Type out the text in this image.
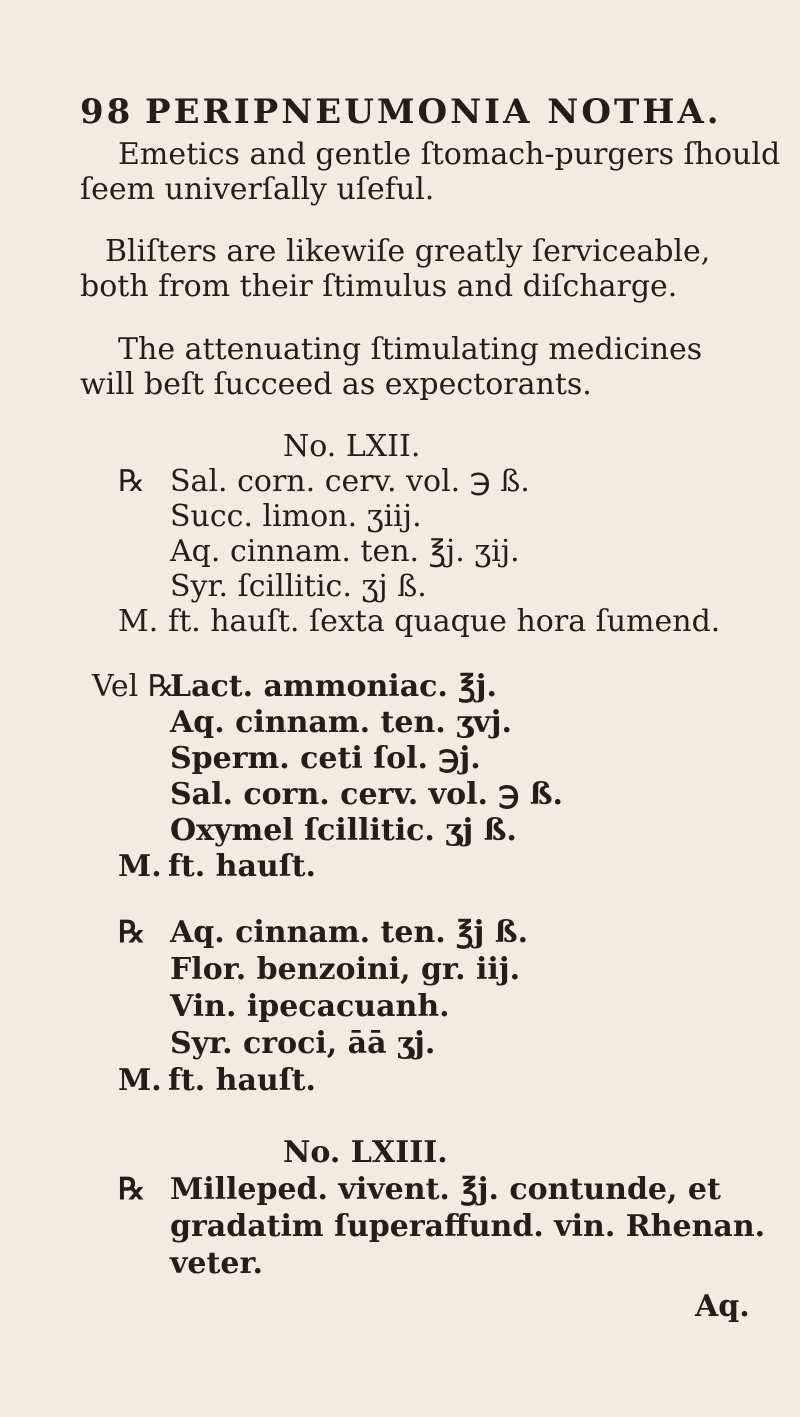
98 PERIPNEUMONIA NOTHA.
Emetics and gentle ſtomach-purgers ſhould
ſeem univerſally uſeful.
Bliſters are likewiſe greatly ſerviceable,
both from their ſtimulus and diſcharge.
The attenuating ſtimulating medicines
will beſt ſucceed as expectorants.
No. LXII.
℞ Sal. corn. cerv. vol. ℈ ß.
Succ. limon. ʒiij.
Aq. cinnam. ten. ℥j. ʒij.
Syr. ſcillitic. ʒj ß.
M. ft. hauſt. ſexta quaque hora ſumend.
Vel ℞
Lact. ammoniac. ℥j.
Aq. cinnam. ten. ʒvj.
Sperm. ceti ſol. ℈j.
Sal. corn. cerv. vol. ℈ ß.
Oxymel ſcillitic. ʒj ß.
M. ft. hauſt.
℞ Aq. cinnam. ten. ℥j ß.
Flor. benzoini, gr. iij.
Vin. ipecacuanh.
Syr. croci, āā ʒj.
M. ft. hauſt.
No. LXIII.
℞ Milleped. vivent. ℥j. contunde, et
gradatim ſuperaffund. vin. Rhenan.
veter.
Aq.
